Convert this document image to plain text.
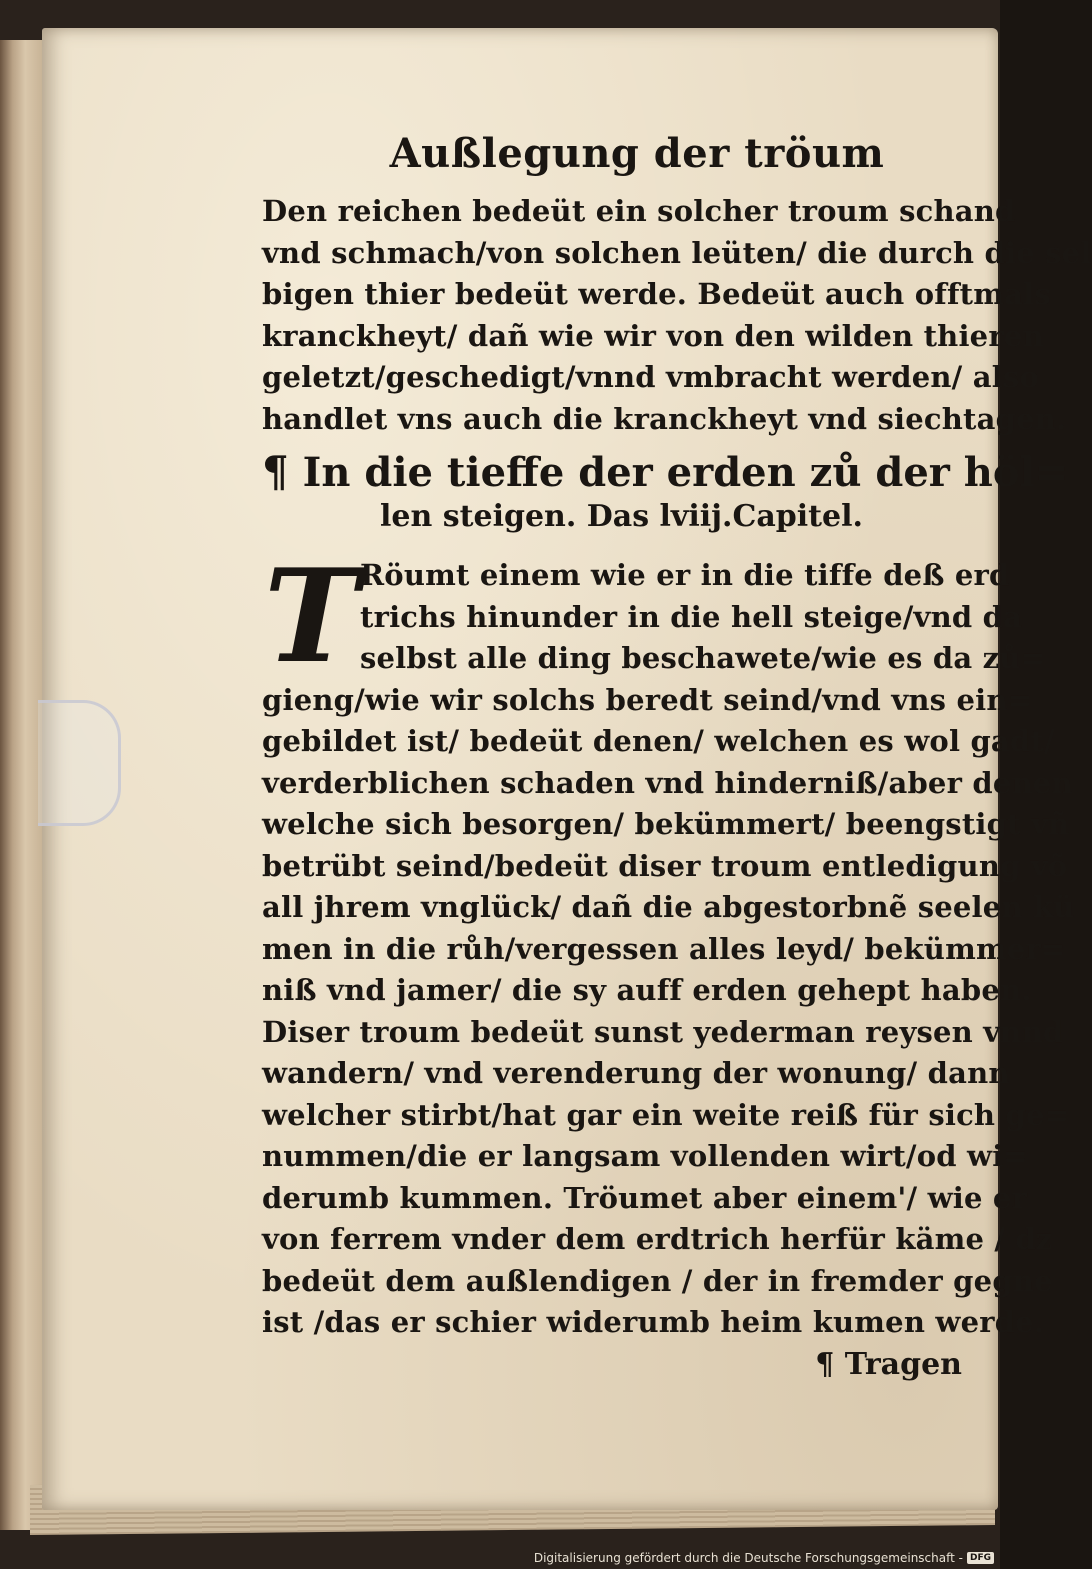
Außlegung der tröum
Den reichen bedeüt ein solcher troum schand
vnd schmach/von solchen leüten/ die durch die sel
bigen thier bedeüt werde. Bedeüt auch offtmals
kranckheyt/ dañ wie wir von den wilden thieren
geletzt/geschedigt/vnnd vmbracht werden/ also
handlet vns auch die kranckheyt vnd siechtagen.
¶ In die tieffe der erden zů der höl=
len steigen. Das lviij.Capitel.
T Röumt einem wie er in die tiffe deß erd
trichs hinunder in die hell steige/vnd da
selbst alle ding beschawete/wie es da zů=
gieng/wie wir solchs beredt seind/vnd vns ein=
gebildet ist/ bedeüt denen/ welchen es wol gadt/
verderblichen schaden vnd hinderniß/aber denen
welche sich besorgen/ bekümmert/ beengstigt vñ
betrübt seind/bedeüt diser troum entledigung võ
all jhrem vnglück/ dañ die abgestorbnẽ seelen kü
men in die růh/vergessen alles leyd/ bekümmer=
niß vnd jamer/ die sy auff erden gehept haben.
Diser troum bedeüt sunst yederman reysen vnnd
wandern/ vnd verenderung der wonung/ dann
welcher stirbt/hat gar ein weite reiß für sich ge=
nummen/die er langsam vollenden wirt/od wi=
derumb kummen. Tröumet aber einem'/ wie er
von ferrem vnder dem erdtrich herfür käme / dz
bedeüt dem außlendigen / der in fremder gegne
ist /das er schier widerumb heim kumen werde.
¶ Tragen
Digitalisierung gefördert durch die Deutsche Forschungsgemeinschaft - DFG
